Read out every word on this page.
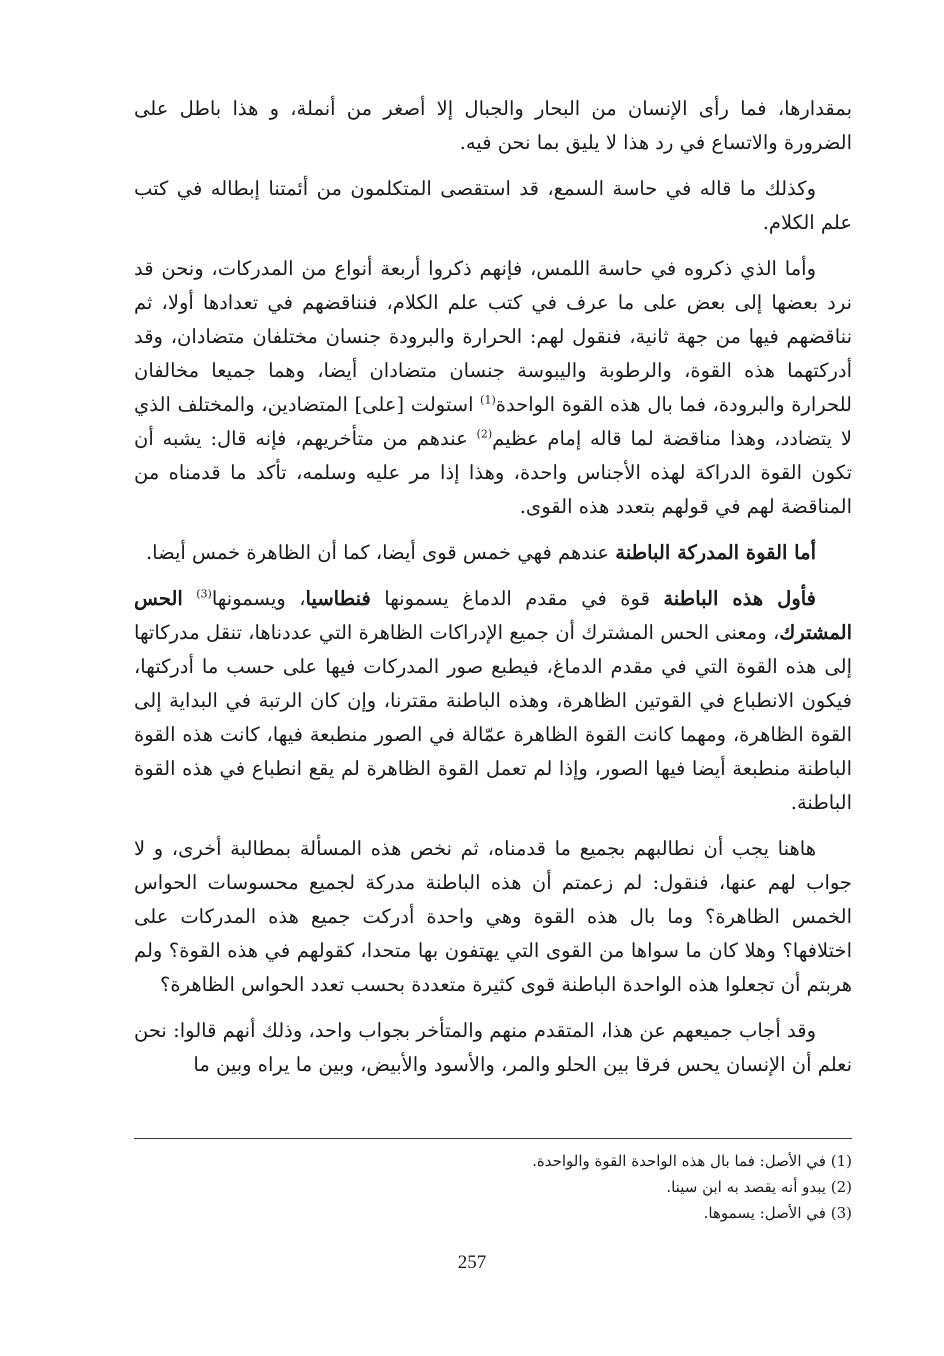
بمقدارها، فما رأى الإنسان من البحار والجبال إلا أصغر من أنملة، و هذا باطل على الضرورة والاتساع في رد هذا لا يليق بما نحن فيه.

وكذلك ما قاله في حاسة السمع، قد استقصى المتكلمون من أئمتنا إبطاله في كتب علم الكلام.

وأما الذي ذكروه في حاسة اللمس، فإنهم ذكروا أربعة أنواع من المدركات، ونحن قد نرد بعضها إلى بعض على ما عرف في كتب علم الكلام، فنناقضهم في تعدادها أولا، ثم نناقضهم فيها من جهة ثانية، فنقول لهم: الحرارة والبرودة جنسان مختلفان متضادان، وقد أدركتهما هذه القوة، والرطوبة واليبوسة جنسان متضادان أيضا، وهما جميعا مخالفان للحرارة والبرودة، فما بال هذه القوة الواحدة$^{(1)}$ استولت [على] المتضادين، والمختلف الذي لا يتضادد، وهذا مناقضة لما قاله إمام عظيم$^{(2)}$ عندهم من متأخريهم، فإنه قال: يشبه أن تكون القوة الدراكة لهذه الأجناس واحدة، وهذا إذا مر عليه وسلمه، تأكد ما قدمناه من المناقضة لهم في قولهم بتعدد هذه القوى.

أما القوة المدركة الباطنة عندهم فهي خمس قوى أيضا، كما أن الظاهرة خمس أيضا.

فأول هذه الباطنة قوة في مقدم الدماغ يسمونها فنطاسيا، ويسمونها$^{(3)}$ الحس المشترك، ومعنى الحس المشترك أن جميع الإدراكات الظاهرة التي عددناها، تنقل مدركاتها إلى هذه القوة التي في مقدم الدماغ، فيطبع صور المدركات فيها على حسب ما أدركتها، فيكون الانطباع في القوتين الظاهرة، وهذه الباطنة مقترنا، وإن كان الرتبة في البداية إلى القوة الظاهرة، ومهما كانت القوة الظاهرة عمّالة في الصور منطبعة فيها، كانت هذه القوة الباطنة منطبعة أيضا فيها الصور، وإذا لم تعمل القوة الظاهرة لم يقع انطباع في هذه القوة الباطنة.

هاهنا يجب أن نطالبهم بجميع ما قدمناه، ثم نخص هذه المسألة بمطالبة أخرى، و لا جواب لهم عنها، فنقول: لم زعمتم أن هذه الباطنة مدركة لجميع محسوسات الحواس الخمس الظاهرة؟ وما بال هذه القوة وهي واحدة أدركت جميع هذه المدركات على اختلافها؟ وهلا كان ما سواها من القوى التي يهتفون بها متحدا، كقولهم في هذه القوة؟ ولم هربتم أن تجعلوا هذه الواحدة الباطنة قوى كثيرة متعددة بحسب تعدد الحواس الظاهرة؟

وقد أجاب جميعهم عن هذا، المتقدم منهم والمتأخر بجواب واحد، وذلك أنهم قالوا: نحن نعلم أن الإنسان يحس فرقا بين الحلو والمر، والأسود والأبيض، وبين ما يراه وبين ما

(1) في الأصل: فما بال هذه الواحدة القوة والواحدة.
(2) يبدو أنه يقصد به ابن سينا.
(3) في الأصل: يسموها.
257
